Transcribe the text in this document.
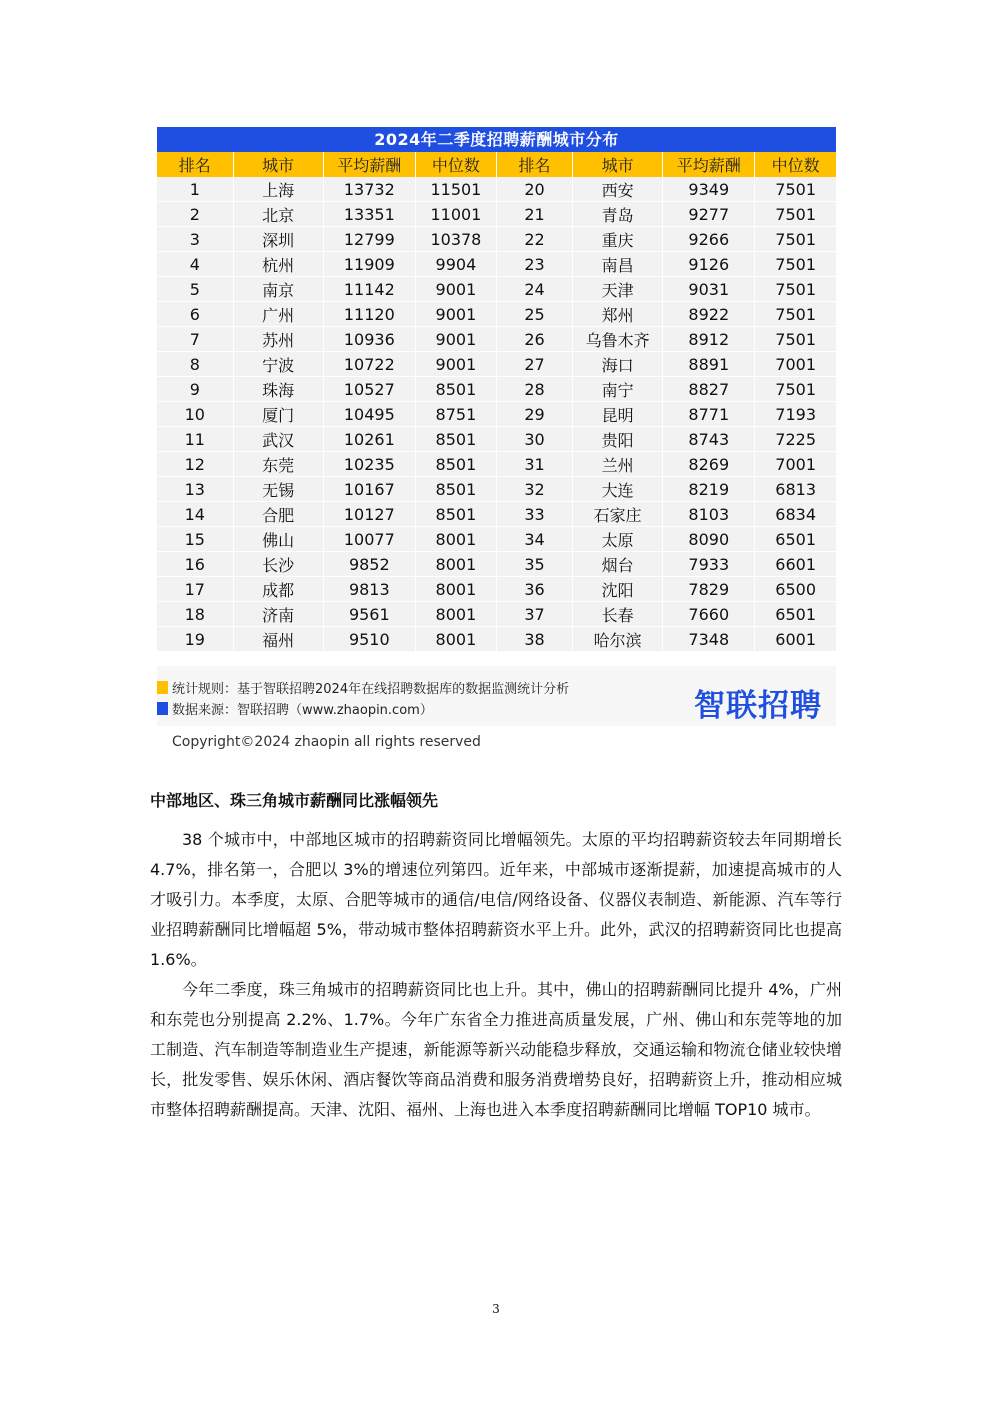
2024年二季度招聘薪酬城市分布
排名	城市	平均薪酬	中位数	排名	城市	平均薪酬	中位数
1	上海	13732	11501	20	西安	9349	7501
2	北京	13351	11001	21	青岛	9277	7501
3	深圳	12799	10378	22	重庆	9266	7501
4	杭州	11909	9904	23	南昌	9126	7501
5	南京	11142	9001	24	天津	9031	7501
6	广州	11120	9001	25	郑州	8922	7501
7	苏州	10936	9001	26	乌鲁木齐	8912	7501
8	宁波	10722	9001	27	海口	8891	7001
9	珠海	10527	8501	28	南宁	8827	7501
10	厦门	10495	8751	29	昆明	8771	7193
11	武汉	10261	8501	30	贵阳	8743	7225
12	东莞	10235	8501	31	兰州	8269	7001
13	无锡	10167	8501	32	大连	8219	6813
14	合肥	10127	8501	33	石家庄	8103	6834
15	佛山	10077	8001	34	太原	8090	6501
16	长沙	9852	8001	35	烟台	7933	6601
17	成都	9813	8001	36	沈阳	7829	6500
18	济南	9561	8001	37	长春	7660	6501
19	福州	9510	8001	38	哈尔滨	7348	6001
统计规则：基于智联招聘2024年在线招聘数据库的数据监测统计分析
数据来源：智联招聘（www.zhaopin.com）	智联招聘
Copyright©2024 zhaopin all rights reserved
中部地区、珠三角城市薪酬同比涨幅领先

38 个城市中，中部地区城市的招聘薪资同比增幅领先。太原的平均招聘薪资较去年同期增长 4.7%，排名第一，合肥以 3%的增速位列第四。近年来，中部城市逐渐提薪，加速提高城市的人才吸引力。本季度，太原、合肥等城市的通信/电信/网络设备、仪器仪表制造、新能源、汽车等行业招聘薪酬同比增幅超 5%，带动城市整体招聘薪资水平上升。此外，武汉的招聘薪资同比也提高 1.6%。

今年二季度，珠三角城市的招聘薪资同比也上升。其中，佛山的招聘薪酬同比提升 4%，广州和东莞也分别提高 2.2%、1.7%。今年广东省全力推进高质量发展，广州、佛山和东莞等地的加工制造、汽车制造等制造业生产提速，新能源等新兴动能稳步释放，交通运输和物流仓储业较快增长，批发零售、娱乐休闲、酒店餐饮等商品消费和服务消费增势良好，招聘薪资上升，推动相应城市整体招聘薪酬提高。天津、沈阳、福州、上海也进入本季度招聘薪酬同比增幅 TOP10 城市。

3
